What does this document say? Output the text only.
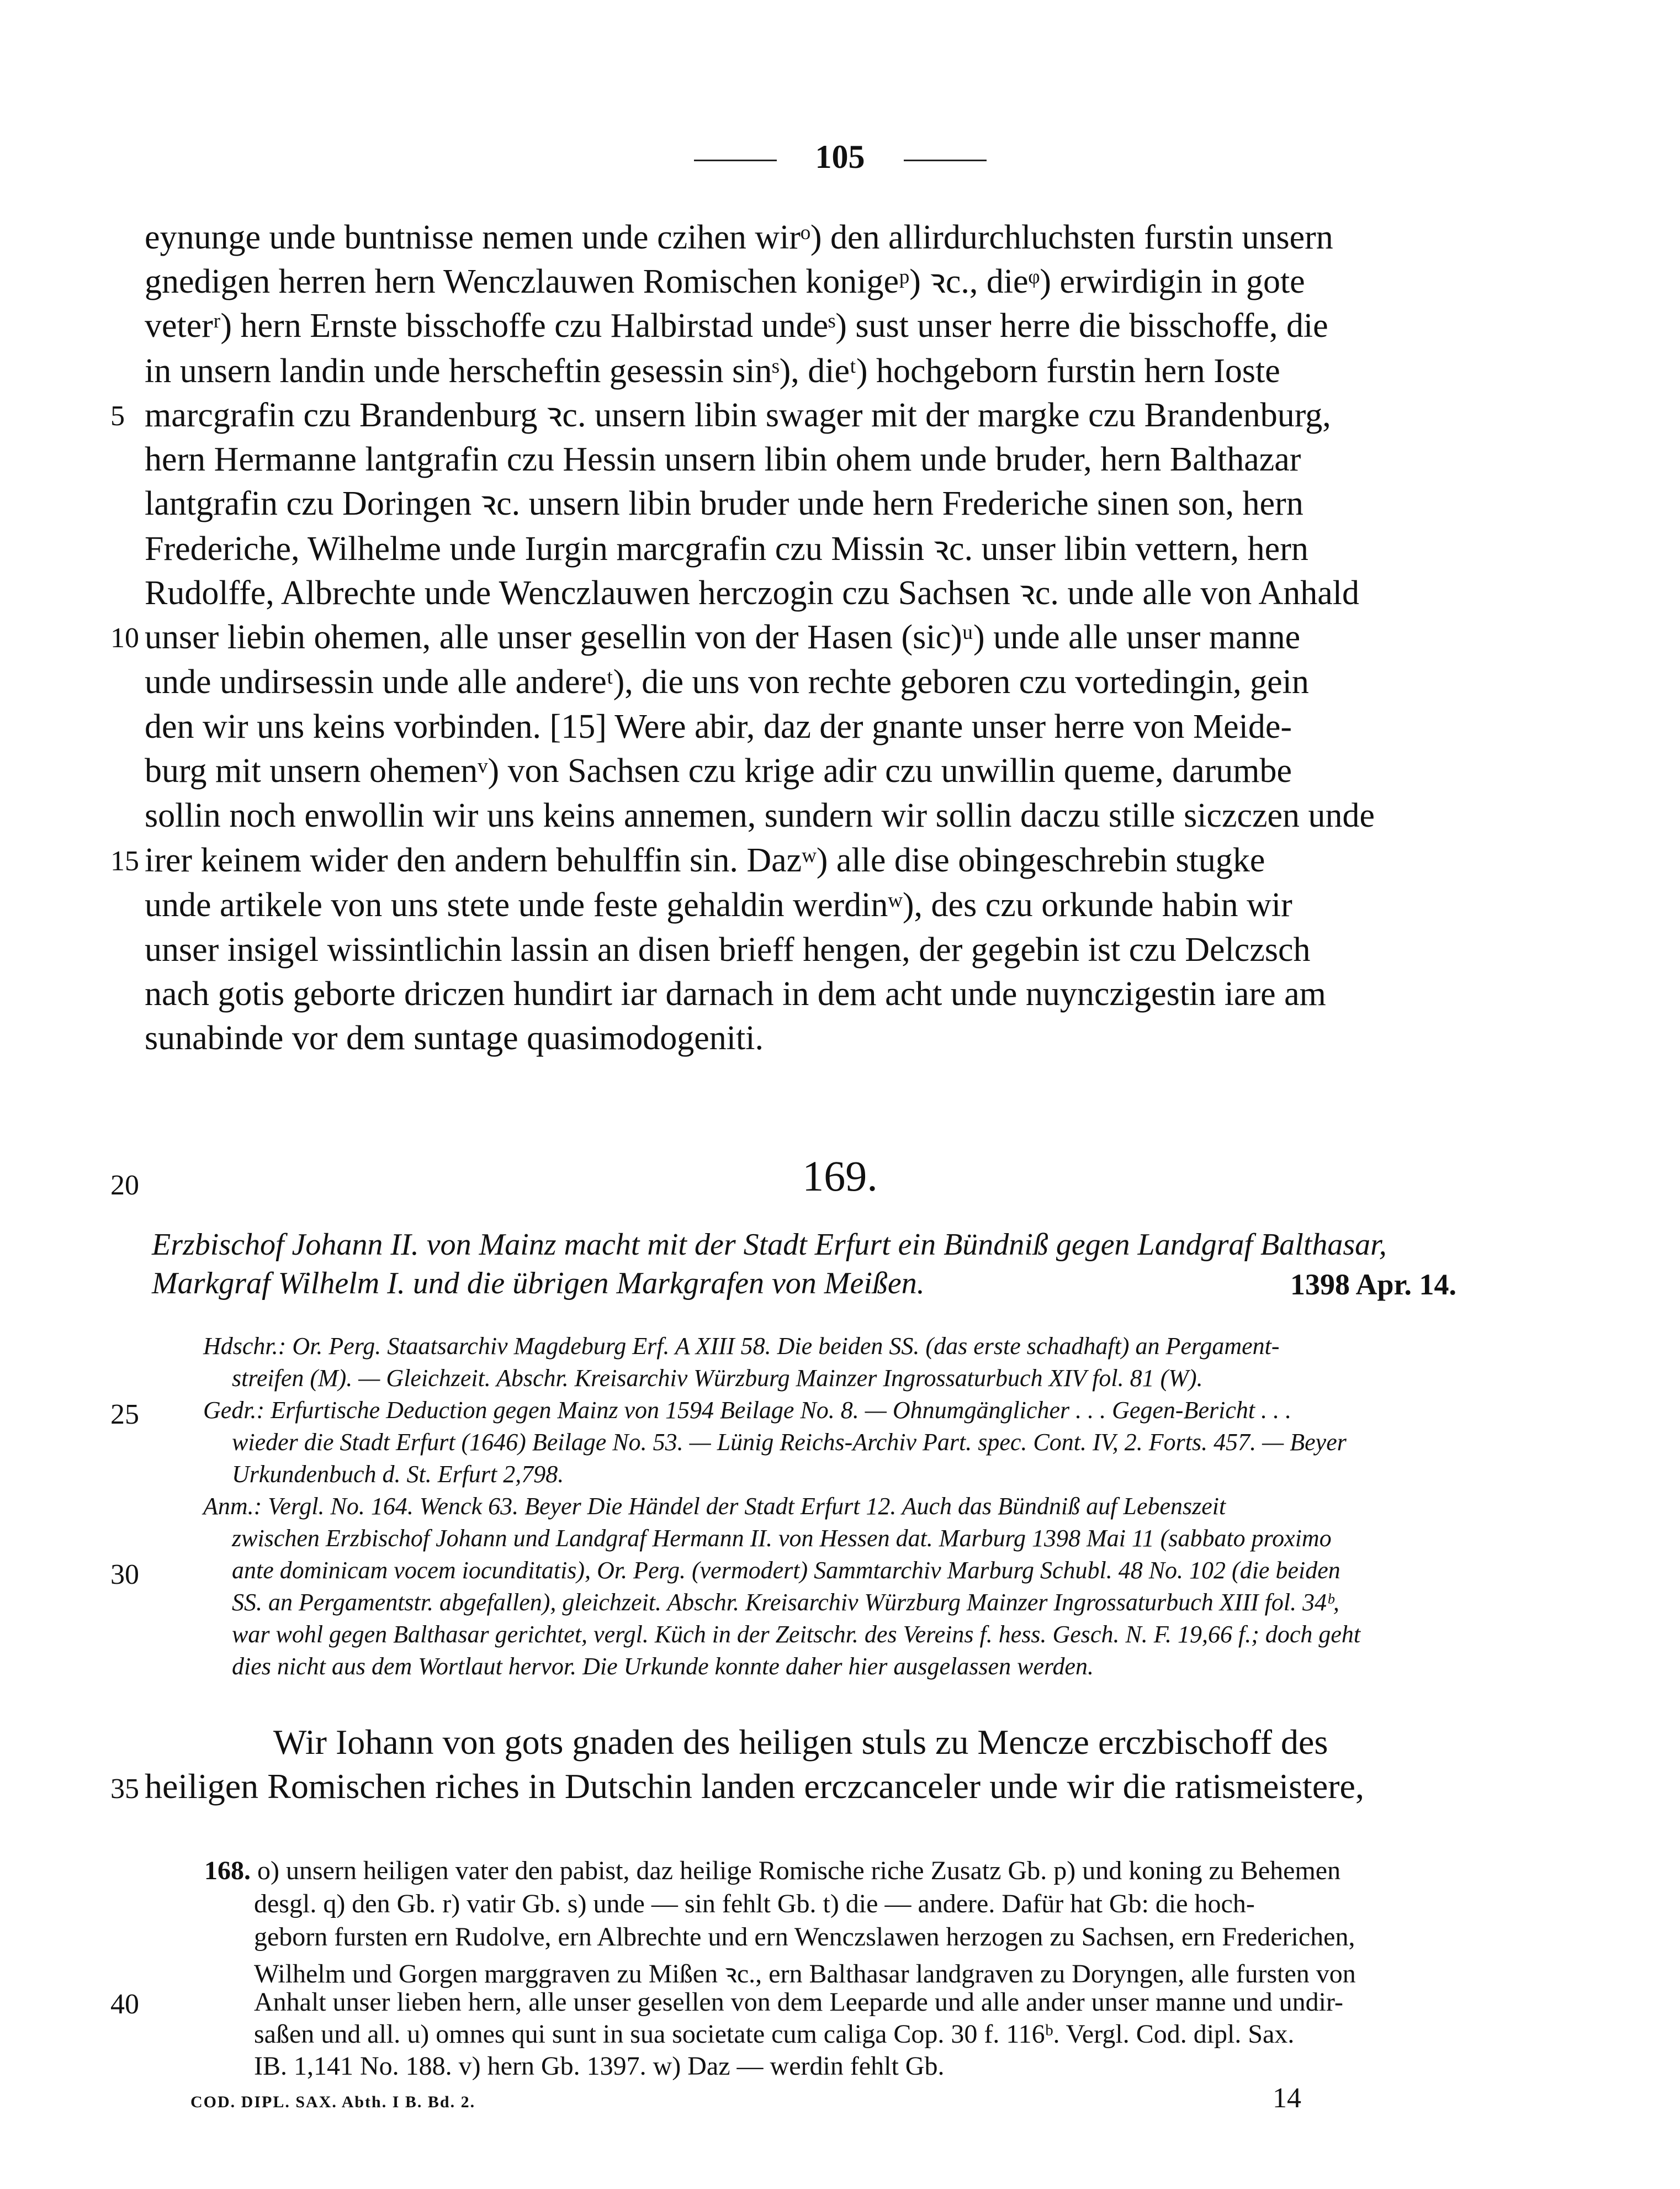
105
eynunge unde buntnisse nemen unde czihen wirᵒ) den allirdurchluchsten furstin unsern
gnedigen herren hern Wenczlauwen Romischen konigeᵖ) ꝛc., dieᵠ) erwirdigin in gote
veterʳ) hern Ernste bisschoffe czu Halbirstad undeˢ) sust unser herre die bisschoffe, die
in unsern landin unde herscheftin gesessin sinˢ), dieᵗ) hochgeborn furstin hern Ioste
marcgrafin czu Brandenburg ꝛc. unsern libin swager mit der margke czu Brandenburg,
hern Hermanne lantgrafin czu Hessin unsern libin ohem unde bruder, hern Balthazar
lantgrafin czu Doringen ꝛc. unsern libin bruder unde hern Frederiche sinen son, hern
Frederiche, Wilhelme unde Iurgin marcgrafin czu Missin ꝛc. unser libin vettern, hern
Rudolffe, Albrechte unde Wenczlauwen herczogin czu Sachsen ꝛc. unde alle von Anhald
unser liebin ohemen, alle unser gesellin von der Hasen (sic)ᵘ) unde alle unser manne
unde undirsessin unde alle andereᵗ), die uns von rechte geboren czu vortedingin, gein
den wir uns keins vorbinden. [15] Were abir, daz der gnante unser herre von Meide-
burg mit unsern ohemenᵛ) von Sachsen czu krige adir czu unwillin queme, darumbe
sollin noch enwollin wir uns keins annemen, sundern wir sollin daczu stille siczczen unde
irer keinem wider den andern behulffin sin. Dazʷ) alle dise obingeschrebin stugke
unde artikele von uns stete unde feste gehaldin werdinʷ), des czu orkunde habin wir
unser insigel wissintlichin lassin an disen brieff hengen, der gegebin ist czu Delczsch
nach gotis geborte driczen hundirt iar darnach in dem acht unde nuynczigestin iare am
sunabinde vor dem suntage quasimodogeniti.
5
10
15
20	169.
Erzbischof Johann II. von Mainz macht mit der Stadt Erfurt ein Bündniß gegen Landgraf Balthasar,
Markgraf Wilhelm I. und die übrigen Markgrafen von Meißen.	1398 Apr. 14.
Hdschr.: Or. Perg. Staatsarchiv Magdeburg Erf. A XIII 58. Die beiden SS. (das erste schadhaft) an Pergament-
streifen (M). — Gleichzeit. Abschr. Kreisarchiv Würzburg Mainzer Ingrossaturbuch XIV fol. 81 (W).
Gedr.: Erfurtische Deduction gegen Mainz von 1594 Beilage No. 8. — Ohnumgänglicher . . . Gegen-Bericht . . .
wieder die Stadt Erfurt (1646) Beilage No. 53. — Lünig Reichs-Archiv Part. spec. Cont. IV, 2. Forts. 457. — Beyer
Urkundenbuch d. St. Erfurt 2,798.
Anm.: Vergl. No. 164. Wenck 63. Beyer Die Händel der Stadt Erfurt 12. Auch das Bündniß auf Lebenszeit
zwischen Erzbischof Johann und Landgraf Hermann II. von Hessen dat. Marburg 1398 Mai 11 (sabbato proximo
ante dominicam vocem iocunditatis), Or. Perg. (vermodert) Sammtarchiv Marburg Schubl. 48 No. 102 (die beiden
SS. an Pergamentstr. abgefallen), gleichzeit. Abschr. Kreisarchiv Würzburg Mainzer Ingrossaturbuch XIII fol. 34ᵇ,
war wohl gegen Balthasar gerichtet, vergl. Küch in der Zeitschr. des Vereins f. hess. Gesch. N. F. 19,66 f.; doch geht
dies nicht aus dem Wortlaut hervor. Die Urkunde konnte daher hier ausgelassen werden.
25
30
Wir Iohann von gots gnaden des heiligen stuls zu Mencze erczbischoff des
heiligen Romischen riches in Dutschin landen erczcanceler unde wir die ratismeistere,
35
168. o) unsern heiligen vater den pabist, daz heilige Romische riche Zusatz Gb. p) und koning zu Behemen
desgl. q) den Gb. r) vatir Gb. s) unde — sin fehlt Gb. t) die — andere. Dafür hat Gb: die hoch-
geborn fursten ern Rudolve, ern Albrechte und ern Wenczslawen herzogen zu Sachsen, ern Frederichen,
Wilhelm und Gorgen marggraven zu Mißen ꝛc., ern Balthasar landgraven zu Doryngen, alle fursten von
Anhalt unser lieben hern, alle unser gesellen von dem Leeparde und alle ander unser manne und undir-
saßen und all. u) omnes qui sunt in sua societate cum caliga Cop. 30 f. 116ᵇ. Vergl. Cod. dipl. Sax.
IB. 1,141 No. 188. v) hern Gb. 1397. w) Daz — werdin fehlt Gb.
40
COD. DIPL. SAX. Abth. I B. Bd. 2.	14
